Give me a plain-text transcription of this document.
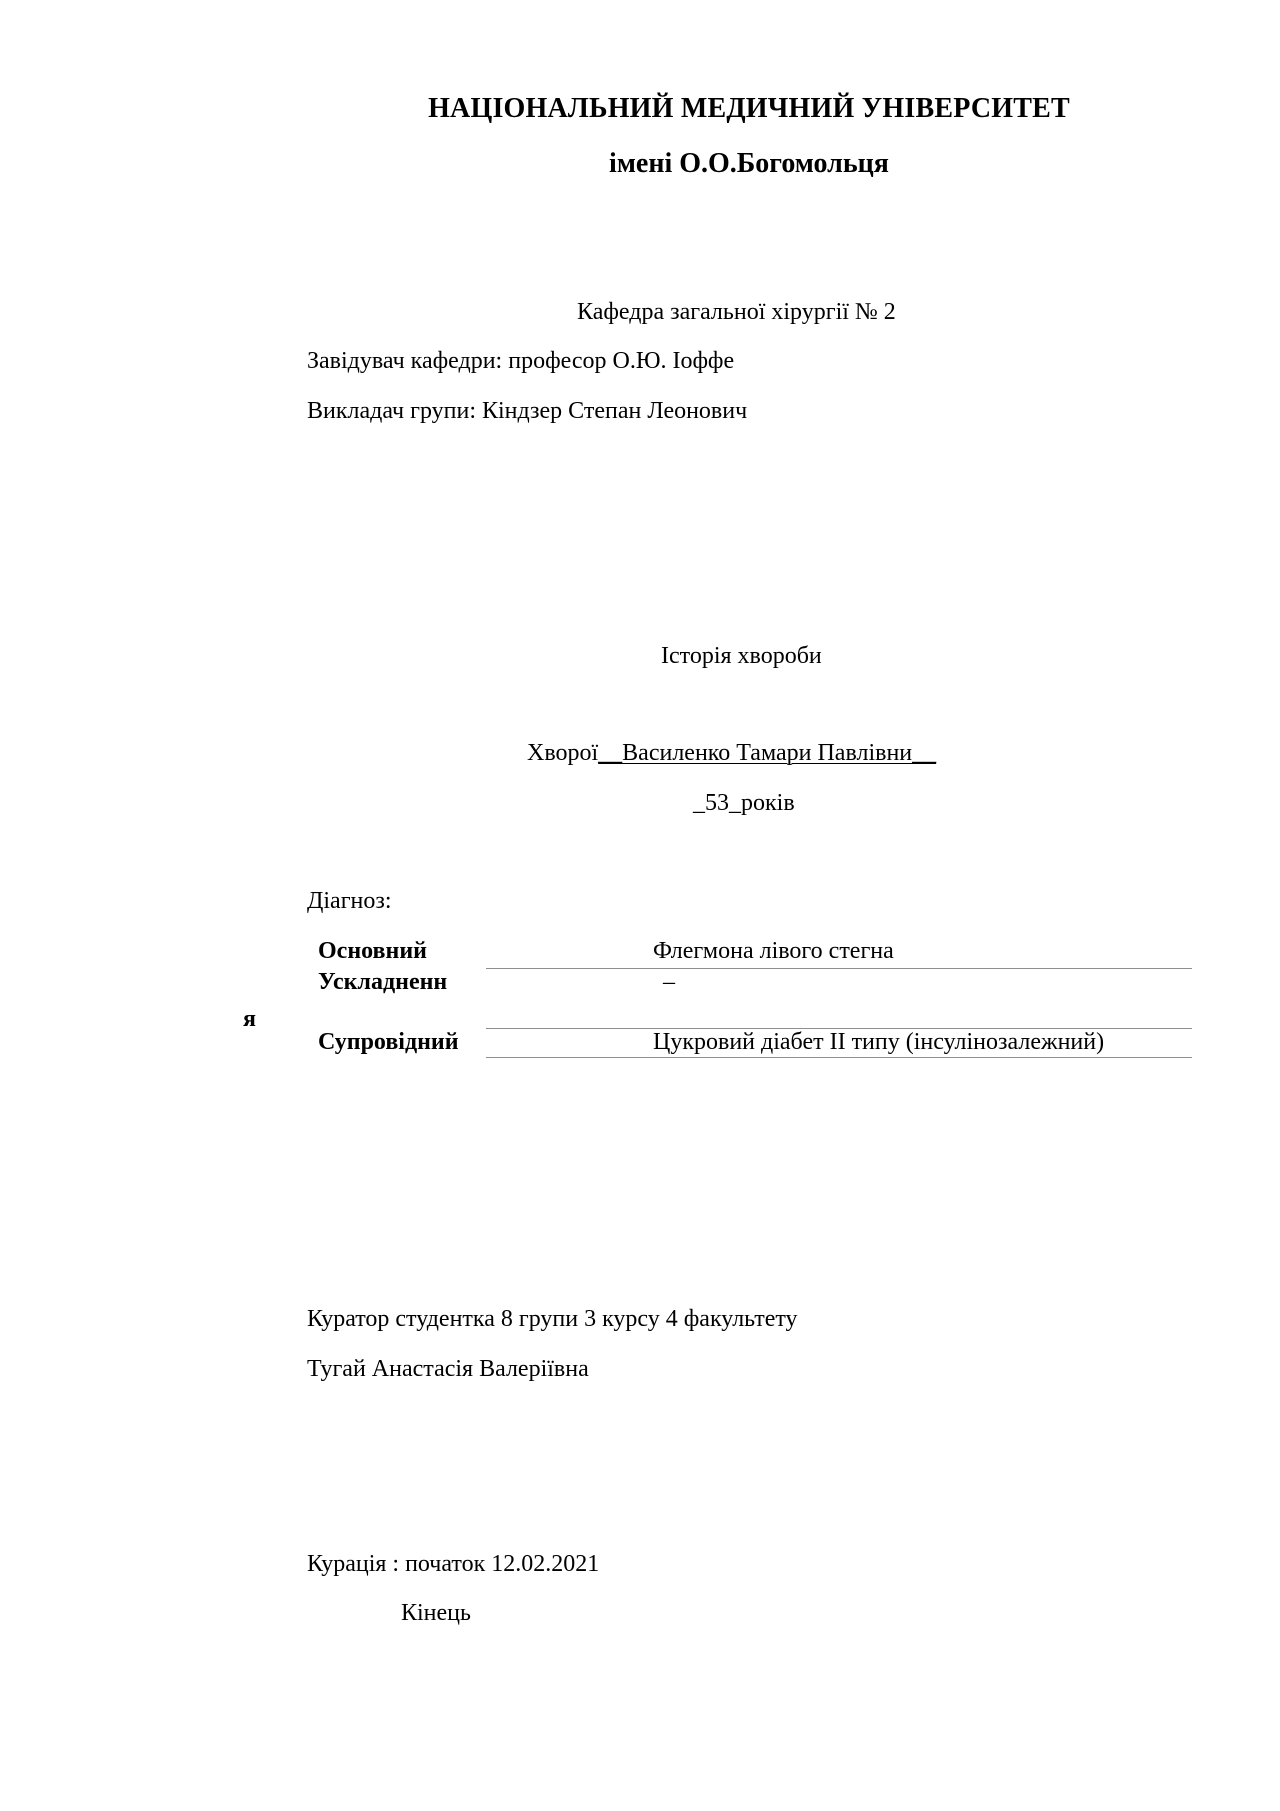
НАЦІОНАЛЬНИЙ МЕДИЧНИЙ УНІВЕРСИТЕТ
імені О.О.Богомольця
Кафедра загальної хірургії № 2
Завідувач кафедри: професор О.Ю. Іоффе
Викладач групи: Кіндзер Степан Леонович
Історія хвороби
Хворої__Василенко Тамари Павлівни__
_53_років
Діагноз:
Основний	Флегмона лівого стегна
Ускладненн	–
Супровідний	Цукровий діабет ІІ типу (інсулінозалежний)
я
Куратор студентка 8 групи 3 курсу 4 факультету
Тугай Анастасія Валеріївна
Курація : початок 12.02.2021
Кінець
